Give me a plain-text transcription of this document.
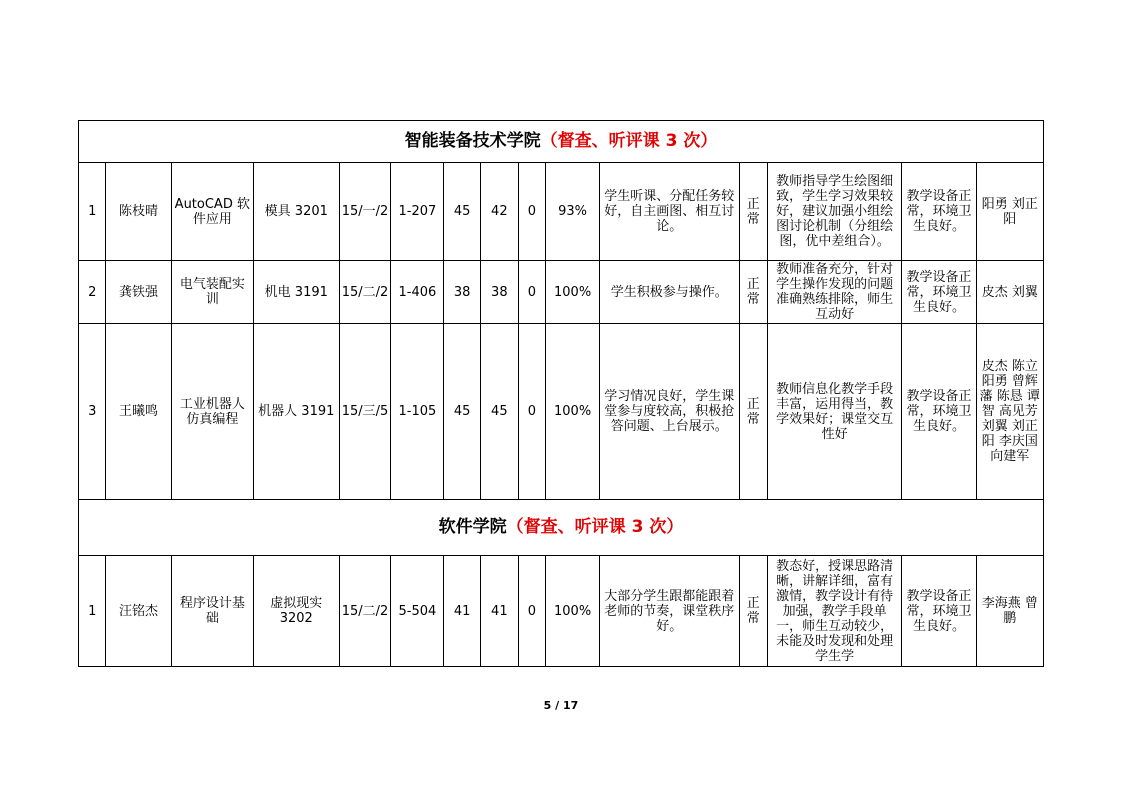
智能装备技术学院（督查、听评课 3 次）														
1	陈枝晴	AutoCAD 软件应用	模具 3201	15/一/2	1-207	45	42	0	93%	学生听课、分配任务较好，自主画图、相互讨论。	正常	教师指导学生绘图细致，学生学习效果较好，建议加强小组绘图讨论机制（分组绘图，优中差组合）。	教学设备正常，环境卫生良好。	阳勇 刘正阳
2	龚铁强	电气装配实训	机电 3191	15/二/2	1-406	38	38	0	100%	学生积极参与操作。	正常	教师准备充分，针对学生操作发现的问题准确熟练排除，师生互动好	教学设备正常，环境卫生良好。	皮杰 刘翼
3	王曦鸣	工业机器人仿真编程	机器人 3191	15/三/5	1-105	45	45	0	100%	学习情况良好，学生课堂参与度较高，积极抢答问题、上台展示。	正常	教师信息化教学手段丰富，运用得当，教学效果好；课堂交互性好	教学设备正常，环境卫生良好。	皮杰 陈立 阳勇 曾辉藩 陈恳 谭智 高见芳 刘翼 刘正阳 李庆国 向建军
软件学院（督查、听评课 3 次）														
1	汪铭杰	程序设计基础	虚拟现实 3202	15/二/2	5-504	41	41	0	100%	大部分学生跟都能跟着老师的节奏，课堂秩序好。	正常	教态好，授课思路清晰，讲解详细，富有激情，教学设计有待加强，教学手段单一，师生互动较少，未能及时发现和处理学生学	教学设备正常，环境卫生良好。	李海燕 曾鹏
5 / 17
